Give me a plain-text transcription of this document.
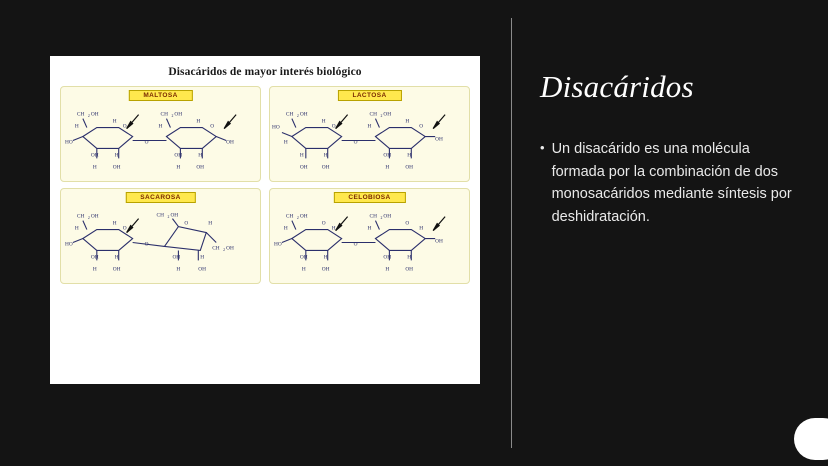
Disacáridos de mayor interés biológico
MALTOSA
CH 2 OH	CH 2 OH
H
H
O	H
H
O
HO	O	OH
OH	H	OH	H
H	OH	H	OH
LACTOSA
CH 2 OH	CH 2 OH
HO
H
O	H
H
O
H	O	OH
H	H	OH	H
OH	OH	H	OH
SACAROSA
CH 2 OH	CH 2 OH
H
H
O
O	H
HO	O
CH 2 OH
OH	H	OH	H
H	OH	H	OH
CELOBIOSA
CH 2 OH	CH 2 OH
H
O
H	H
O
H
HO	O	OH
OH	H	OH	H
H	OH	H	OH
Disacáridos
• Un disacárido es una molécula formada por la combinación de dos monosacáridos mediante síntesis por deshidratación.
